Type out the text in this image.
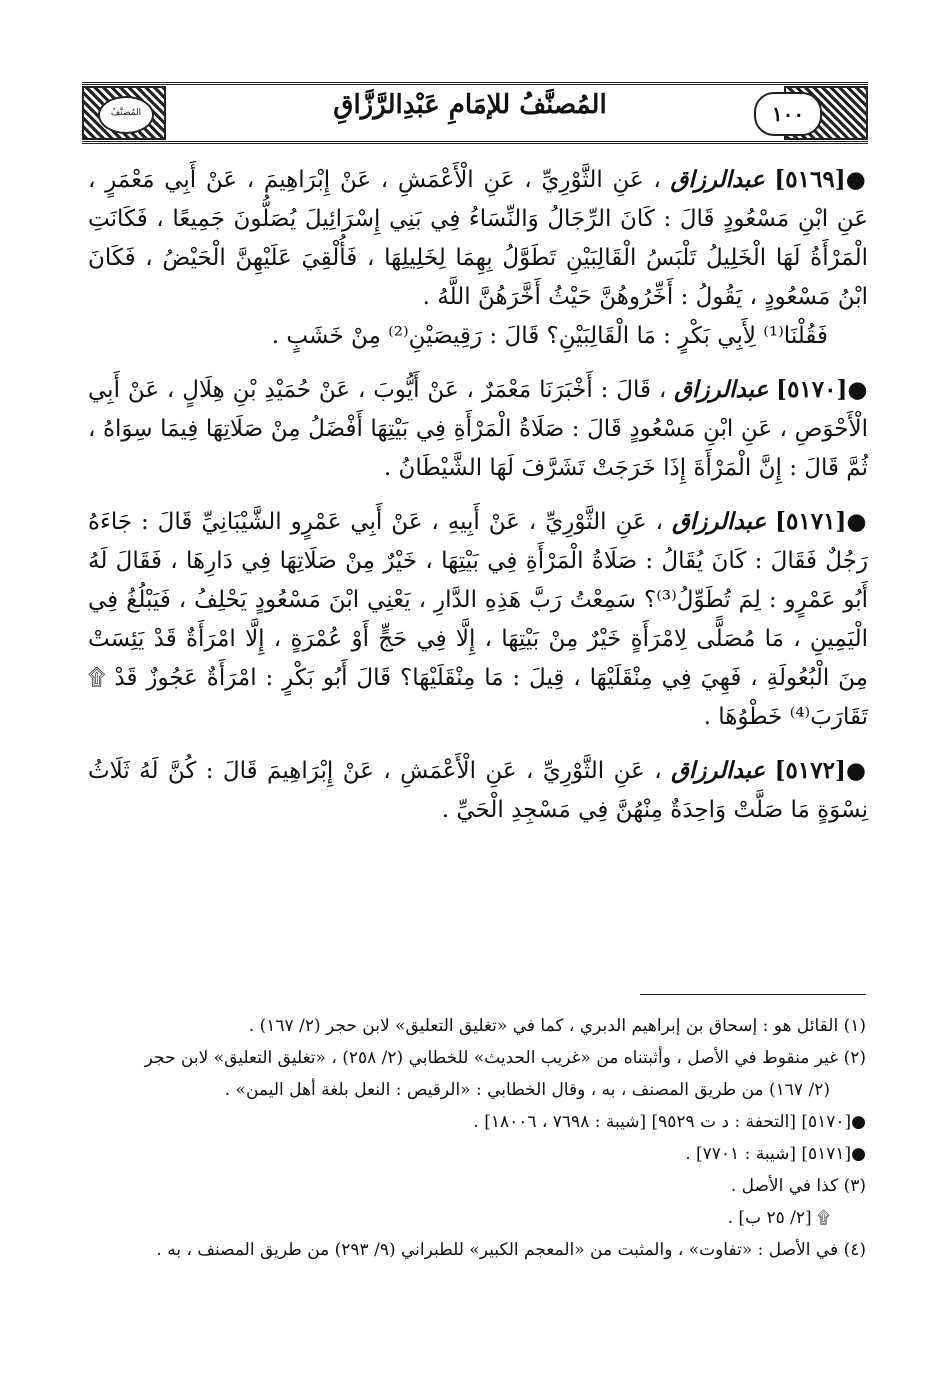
المُصنَّفُ	١٠٠
المُصنَّفُ للإمَامِ عَبْدِالرَّزَّاقِ

●[٥١٦٩] عبدالرزاق ، عَنِ الثَّوْرِيِّ ، عَنِ الْأَعْمَشِ ، عَنْ إِبْرَاهِيمَ ، عَنْ أَبِي مَعْمَرٍ ، عَنِ ابْنِ مَسْعُودٍ قَالَ : كَانَ الرِّجَالُ وَالنِّسَاءُ فِي بَنِي إِسْرَائِيلَ يُصَلُّونَ جَمِيعًا ، فَكَانَتِ الْمَرْأَةُ لَهَا الْخَلِيلُ تَلْبَسُ الْقَالِبَيْنِ تَطَوَّلُ بِهِمَا لِخَلِيلِهَا ، فَأُلْقِيَ عَلَيْهِنَّ الْحَيْضُ ، فَكَانَ ابْنُ مَسْعُودٍ ، يَقُولُ : أَخِّرُوهُنَّ حَيْثُ أَخَّرَهُنَّ اللَّهُ .

فَقُلْنَا⁽¹⁾ لِأَبِي بَكْرٍ : مَا الْقَالِبَيْنِ؟ قَالَ : رَقِيصَيْنِ⁽²⁾ مِنْ خَشَبٍ .

●[٥١٧٠] عبدالرزاق ، قَالَ : أَخْبَرَنَا مَعْمَرٌ ، عَنْ أَيُّوبَ ، عَنْ حُمَيْدِ بْنِ هِلَالٍ ، عَنْ أَبِي الْأَحْوَصِ ، عَنِ ابْنِ مَسْعُودٍ قَالَ : صَلَاةُ الْمَرْأَةِ فِي بَيْتِهَا أَفْضَلُ مِنْ صَلَاتِهَا فِيمَا سِوَاهُ ، ثُمَّ قَالَ : إِنَّ الْمَرْأَةَ إِذَا خَرَجَتْ تَشَرَّفَ لَهَا الشَّيْطَانُ .

●[٥١٧١] عبدالرزاق ، عَنِ الثَّوْرِيِّ ، عَنْ أَبِيهِ ، عَنْ أَبِي عَمْرٍو الشَّيْبَانِيِّ قَالَ : جَاءَهُ رَجُلٌ فَقَالَ : كَانَ يُقَالُ : صَلَاةُ الْمَرْأَةِ فِي بَيْتِهَا ، خَيْرٌ مِنْ صَلَاتِهَا فِي دَارِهَا ، فَقَالَ لَهُ أَبُو عَمْرٍو : لِمَ تُطَوِّلُ⁽³⁾؟ سَمِعْتُ رَبَّ هَذِهِ الدَّارِ ، يَعْنِي ابْنَ مَسْعُودٍ يَحْلِفُ ، فَيَبْلُغُ فِي الْيَمِينِ ، مَا مُصَلًّى لِامْرَأَةٍ خَيْرٌ مِنْ بَيْتِهَا ، إِلَّا فِي حَجٍّ أَوْ عُمْرَةٍ ، إِلَّا امْرَأَةٌ قَدْ يَئِسَتْ مِنَ الْبُعُولَةِ ، فَهِيَ فِي مِنْقَلَيْهَا ، قِيلَ : مَا مِنْقَلَيْهَا؟ قَالَ أَبُو بَكْرٍ : امْرَأَةٌ عَجُوزٌ قَدْ ۩ تَقَارَبَ⁽⁴⁾ خَطْوُهَا .

●[٥١٧٢] عبدالرزاق ، عَنِ الثَّوْرِيِّ ، عَنِ الْأَعْمَشِ ، عَنْ إِبْرَاهِيمَ قَالَ : كُنَّ لَهُ ثَلَاثُ نِسْوَةٍ مَا صَلَّتْ وَاحِدَةٌ مِنْهُنَّ فِي مَسْجِدِ الْحَيِّ .

(١) القائل هو : إسحاق بن إبراهيم الدبري ، كما في «تغليق التعليق» لابن حجر (٢/ ١٦٧) .

(٢) غير منقوط في الأصل ، وأثبتناه من «غريب الحديث» للخطابي (٢/ ٢٥٨) ، «تغليق التعليق» لابن حجر

(٢/ ١٦٧) من طريق المصنف ، به ، وقال الخطابي : «الرقيص : النعل بلغة أهل اليمن» .

●[٥١٧٠] [التحفة : د ت ٩٥٢٩] [شيبة : ٧٦٩٨ ، ١٨٠٠٦] .

●[٥١٧١] [شيبة : ٧٧٠١] .

(٣) كذا في الأصل .

۩ [٢/ ٢٥ ب] .

(٤) في الأصل : «تفاوت» ، والمثبت من «المعجم الكبير» للطبراني (٩/ ٢٩٣) من طريق المصنف ، به .
